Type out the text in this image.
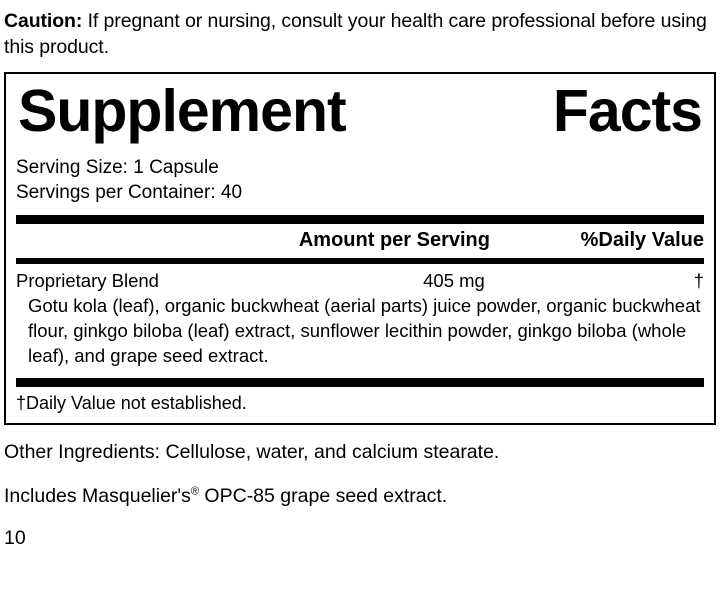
Caution: If pregnant or nursing, consult your health care professional before using this product.

Supplement	Facts
Serving Size: 1 Capsule
Servings per Container: 40
Amount per Serving	%Daily Value
Proprietary Blend	405 mg	†
Gotu kola (leaf), organic buckwheat (aerial parts) juice powder, organic buckwheat flour, ginkgo biloba (leaf) extract, sunflower lecithin powder, ginkgo biloba (whole leaf), and grape seed extract.
†Daily Value not established.
Other Ingredients: Cellulose, water, and calcium stearate.
Includes Masquelier's® OPC-85 grape seed extract.
10
